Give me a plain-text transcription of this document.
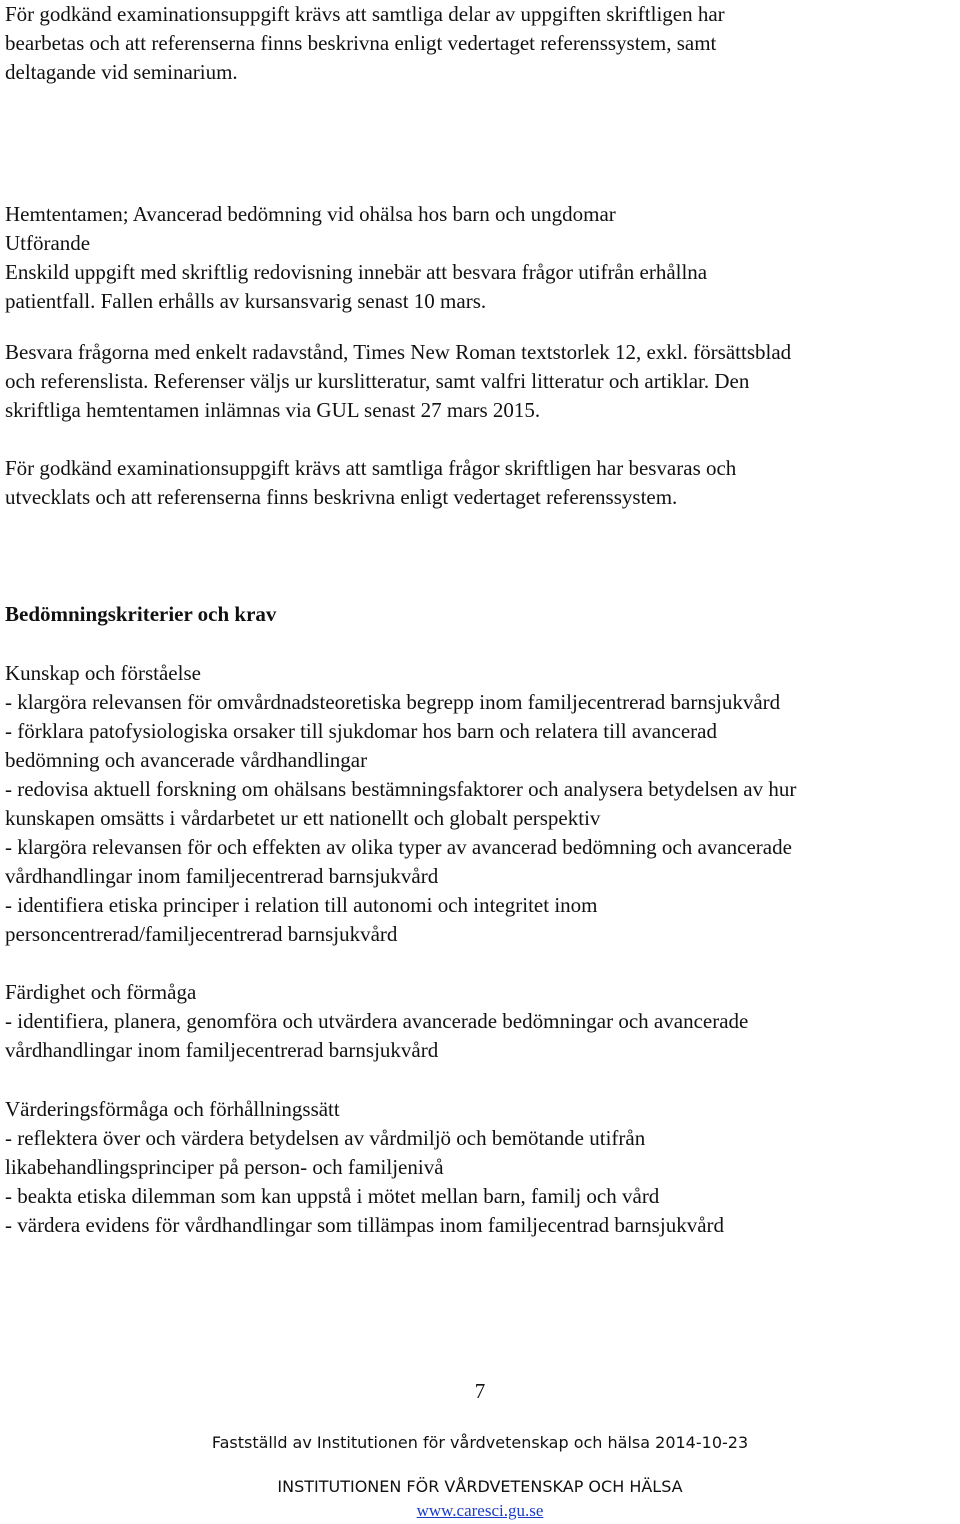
För godkänd examinationsuppgift krävs att samtliga delar av uppgiften skriftligen har

bearbetas och att referenserna finns beskrivna enligt vedertaget referenssystem, samt

deltagande vid seminarium.

Hemtentamen; Avancerad bedömning vid ohälsa hos barn och ungdomar

Utförande

Enskild uppgift med skriftlig redovisning innebär att besvara frågor utifrån erhållna

patientfall. Fallen erhålls av kursansvarig senast 10 mars.

Besvara frågorna med enkelt radavstånd, Times New Roman textstorlek 12, exkl. försättsblad

och referenslista. Referenser väljs ur kurslitteratur, samt valfri litteratur och artiklar. Den

skriftliga hemtentamen inlämnas via GUL senast 27 mars 2015.

För godkänd examinationsuppgift krävs att samtliga frågor skriftligen har besvaras och

utvecklats och att referenserna finns beskrivna enligt vedertaget referenssystem.

Bedömningskriterier och krav

Kunskap och förståelse

- klargöra relevansen för omvårdnadsteoretiska begrepp inom familjecentrerad barnsjukvård

- förklara patofysiologiska orsaker till sjukdomar hos barn och relatera till avancerad

bedömning och avancerade vårdhandlingar

- redovisa aktuell forskning om ohälsans bestämningsfaktorer och analysera betydelsen av hur

kunskapen omsätts i vårdarbetet ur ett nationellt och globalt perspektiv

- klargöra relevansen för och effekten av olika typer av avancerad bedömning och avancerade

vårdhandlingar inom familjecentrerad barnsjukvård

- identifiera etiska principer i relation till autonomi och integritet inom

personcentrerad/familjecentrerad barnsjukvård

Färdighet och förmåga

- identifiera, planera, genomföra och utvärdera avancerade bedömningar och avancerade

vårdhandlingar inom familjecentrerad barnsjukvård

Värderingsförmåga och förhållningssätt

- reflektera över och värdera betydelsen av vårdmiljö och bemötande utifrån

likabehandlingsprinciper på person- och familjenivå

- beakta etiska dilemman som kan uppstå i mötet mellan barn, familj och vård

- värdera evidens för vårdhandlingar som tillämpas inom familjecentrad barnsjukvård

7
Fastställd av Institutionen för vårdvetenskap och hälsa 2014-10-23
INSTITUTIONEN FÖR VÅRDVETENSKAP OCH HÄLSA
www.caresci.gu.se
